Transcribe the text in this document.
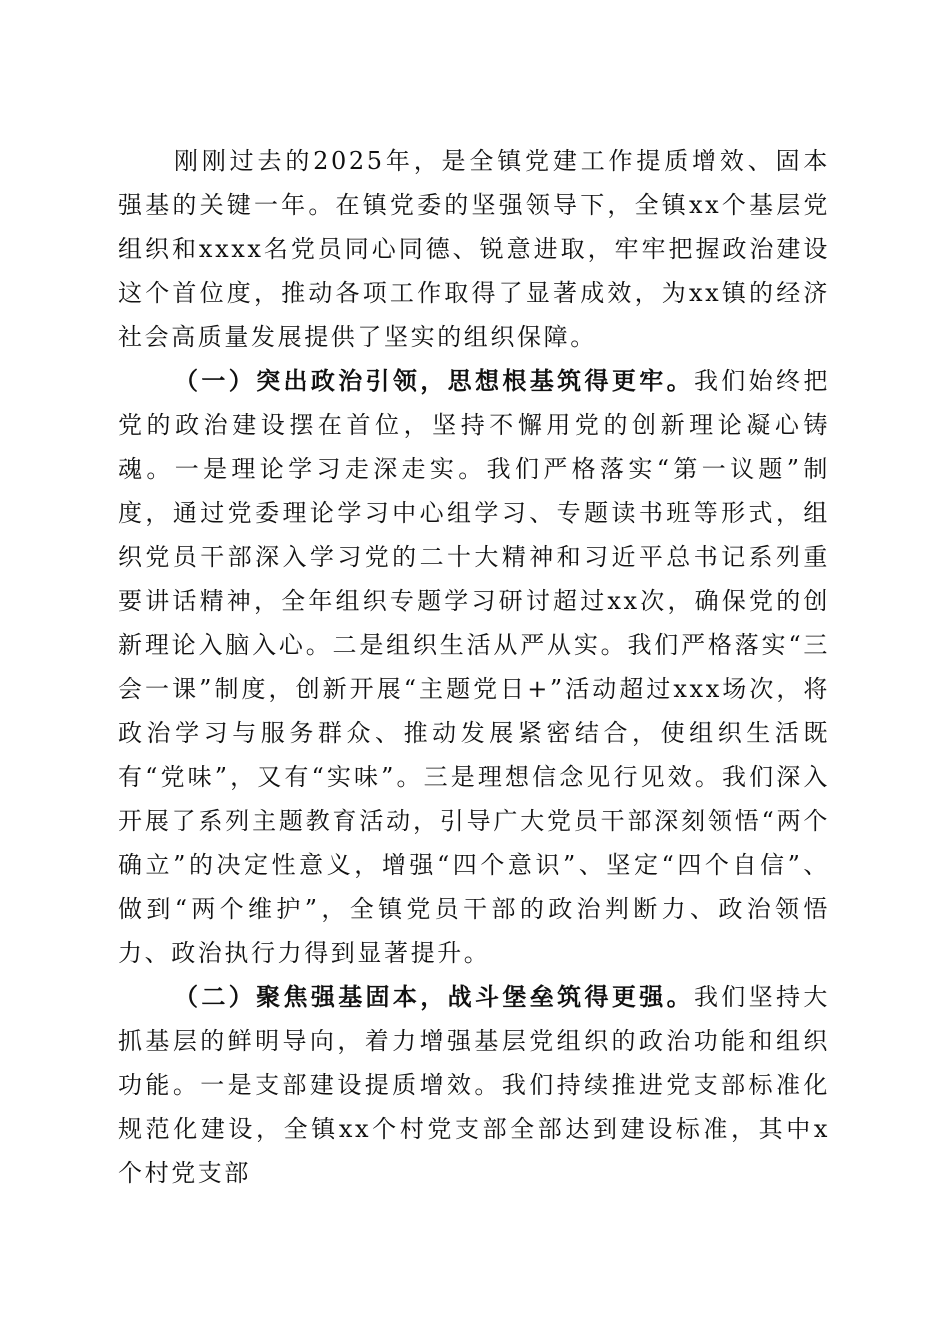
刚刚过去的2025年，是全镇党建工作提质增效、固本强基的关键一年。在镇党委的坚强领导下，全镇xx个基层党组织和xxxx名党员同心同德、锐意进取，牢牢把握政治建设这个首位度，推动各项工作取得了显著成效，为xx镇的经济社会高质量发展提供了坚实的组织保障。

（一）突出政治引领，思想根基筑得更牢。我们始终把党的政治建设摆在首位，坚持不懈用党的创新理论凝心铸魂。一是理论学习走深走实。我们严格落实“第一议题”制度，通过党委理论学习中心组学习、专题读书班等形式，组织党员干部深入学习党的二十大精神和习近平总书记系列重要讲话精神，全年组织专题学习研讨超过xx次，确保党的创新理论入脑入心。二是组织生活从严从实。我们严格落实“三会一课”制度，创新开展“主题党日+”活动超过xxx场次，将政治学习与服务群众、推动发展紧密结合，使组织生活既有“党味”，又有“实味”。三是理想信念见行见效。我们深入开展了系列主题教育活动，引导广大党员干部深刻领悟“两个确立”的决定性意义，增强“四个意识”、坚定“四个自信”、做到“两个维护”，全镇党员干部的政治判断力、政治领悟力、政治执行力得到显著提升。

（二）聚焦强基固本，战斗堡垒筑得更强。我们坚持大抓基层的鲜明导向，着力增强基层党组织的政治功能和组织功能。一是支部建设提质增效。我们持续推进党支部标准化规范化建设，全镇xx个村党支部全部达到建设标准，其中x个村党支部
